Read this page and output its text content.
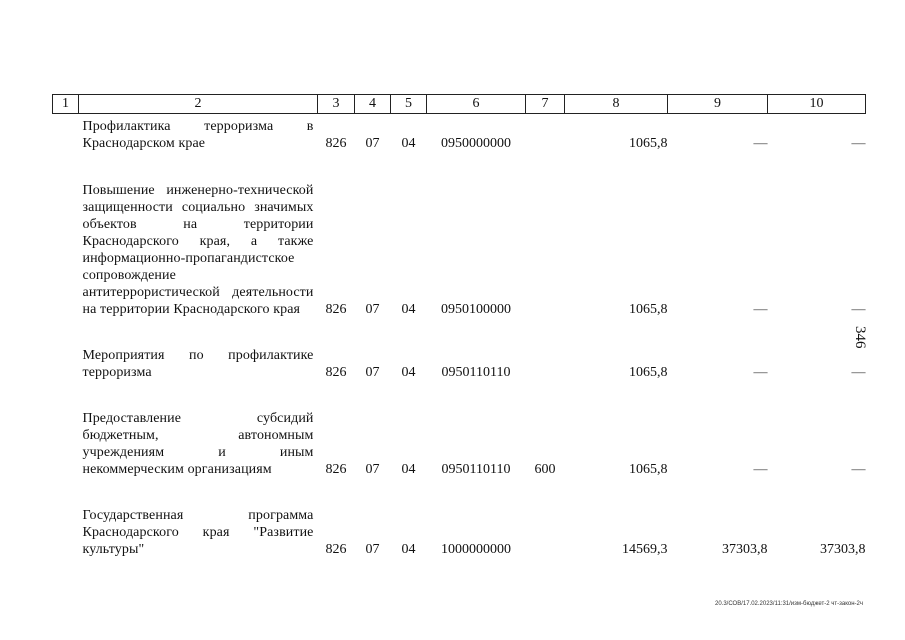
1	2	3	4	5	6	7	8	9	10
Профилактика терроризма в Краснодарском крае		826	07	04	0950000000		1065,8	—	—

Повышение инженерно-технической защищенности социально значимых объектов на территории Краснодарского края, а также информационно-пропагандистское сопровождение антитеррористической деятельности на территории Краснодарского края		826	07	04	0950100000		1065,8	—	—

Мероприятия по профилактике терроризма		826	07	04	0950110110		1065,8	—	—

Предоставление субсидий бюджетным, автономным учреждениям и иным некоммерческим организациям		826	07	04	0950110110	600	1065,8	—	—

Государственная программа Краснодарского края "Развитие культуры"		826	07	04	1000000000		14569,3	37303,8	37303,8
346
20.3/СОВ/17.02.2023/11:31/изм-бюджет-2 чт-закон-2ч
